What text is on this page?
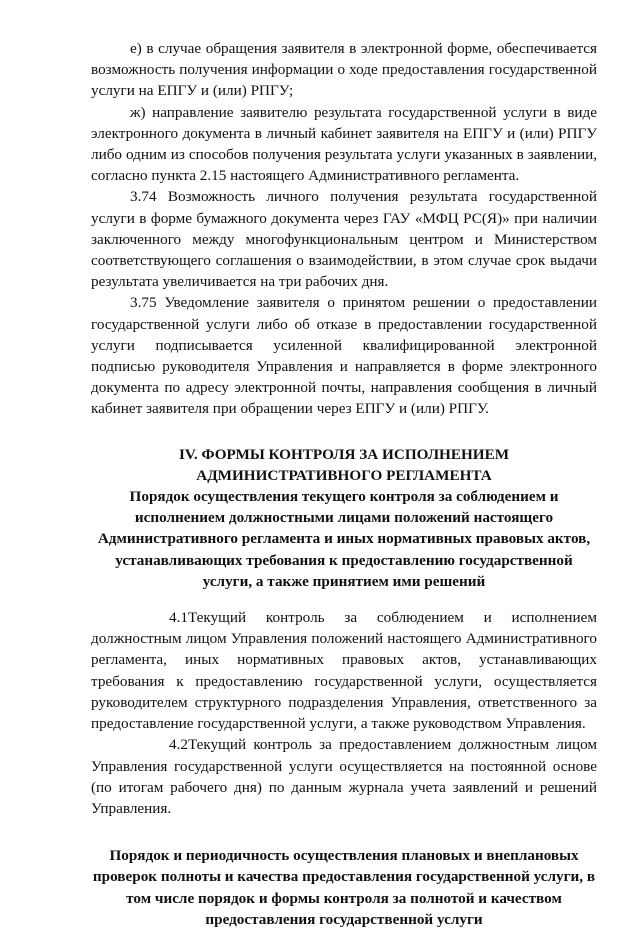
е) в случае обращения заявителя в электронной форме, обеспечивается возможность получения информации о ходе предоставления государственной услуги на ЕПГУ и (или) РПГУ;

ж) направление заявителю результата государственной услуги в виде электронного документа в личный кабинет заявителя на ЕПГУ и (или) РПГУ либо одним из способов получения результата услуги указанных в заявлении, согласно пункта 2.15 настоящего Административного регламента.

3.74 Возможность личного получения результата государственной услуги в форме бумажного документа через ГАУ «МФЦ РС(Я)» при наличии заключенного между многофункциональным центром и Министерством соответствующего соглашения о взаимодействии, в этом случае срок выдачи результата увеличивается на три рабочих дня.

3.75 Уведомление заявителя о принятом решении о предоставлении государственной услуги либо об отказе в предоставлении государственной услуги подписывается усиленной квалифицированной электронной подписью руководителя Управления и направляется в форме электронного документа по адресу электронной почты, направления сообщения в личный кабинет заявителя при обращении через ЕПГУ и (или) РПГУ.

IV. ФОРМЫ КОНТРОЛЯ ЗА ИСПОЛНЕНИЕМ
АДМИНИСТРАТИВНОГО РЕГЛАМЕНТА

Порядок осуществления текущего контроля за соблюдением и исполнением должностными лицами положений настоящего Административного регламента и иных нормативных правовых актов, устанавливающих требования к предоставлению государственной услуги, а также принятием ими решений

4.1Текущий контроль за соблюдением и исполнением должностным лицом Управления положений настоящего Административного регламента, иных нормативных правовых актов, устанавливающих требования к предоставлению государственной услуги, осуществляется руководителем структурного подразделения Управления, ответственного за предоставление государственной услуги, а также руководством Управления.

4.2Текущий контроль за предоставлением должностным лицом Управления государственной услуги осуществляется на постоянной основе (по итогам рабочего дня) по данным журнала учета заявлений и решений Управления.

Порядок и периодичность осуществления плановых и внеплановых проверок полноты и качества предоставления государственной услуги, в том числе порядок и формы контроля за полнотой и качеством предоставления государственной услуги
